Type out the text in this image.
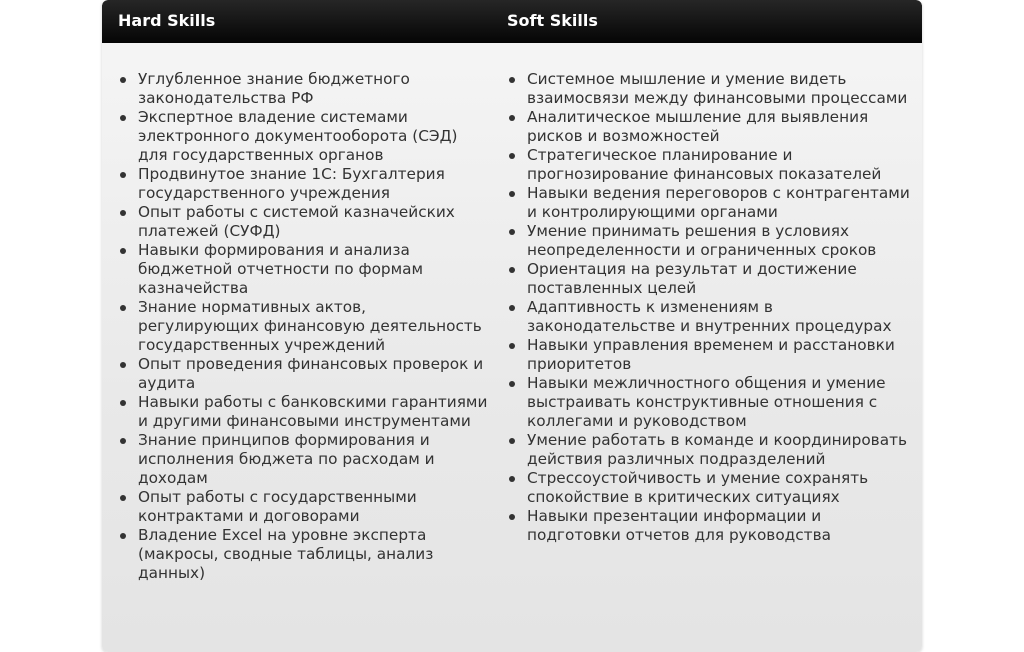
Hard Skills	Soft Skills
Углубленное знание бюджетного законодательства РФ
Экспертное владение системами электронного документооборота (СЭД) для государственных органов
Продвинутое знание 1С: Бухгалтерия государственного учреждения
Опыт работы с системой казначейских платежей (СУФД)
Навыки формирования и анализа бюджетной отчетности по формам казначейства
Знание нормативных актов, регулирующих финансовую деятельность государственных учреждений
Опыт проведения финансовых проверок и аудита
Навыки работы с банковскими гарантиями и другими финансовыми инструментами
Знание принципов формирования и исполнения бюджета по расходам и доходам
Опыт работы с государственными контрактами и договорами
Владение Excel на уровне эксперта (макросы, сводные таблицы, анализ данных)
Системное мышление и умение видеть взаимосвязи между финансовыми процессами
Аналитическое мышление для выявления рисков и возможностей
Стратегическое планирование и прогнозирование финансовых показателей
Навыки ведения переговоров с контрагентами и контролирующими органами
Умение принимать решения в условиях неопределенности и ограниченных сроков
Ориентация на результат и достижение поставленных целей
Адаптивность к изменениям в законодательстве и внутренних процедурах
Навыки управления временем и расстановки приоритетов
Навыки межличностного общения и умение выстраивать конструктивные отношения с коллегами и руководством
Умение работать в команде и координировать действия различных подразделений
Стрессоустойчивость и умение сохранять спокойствие в критических ситуациях
Навыки презентации информации и подготовки отчетов для руководства
